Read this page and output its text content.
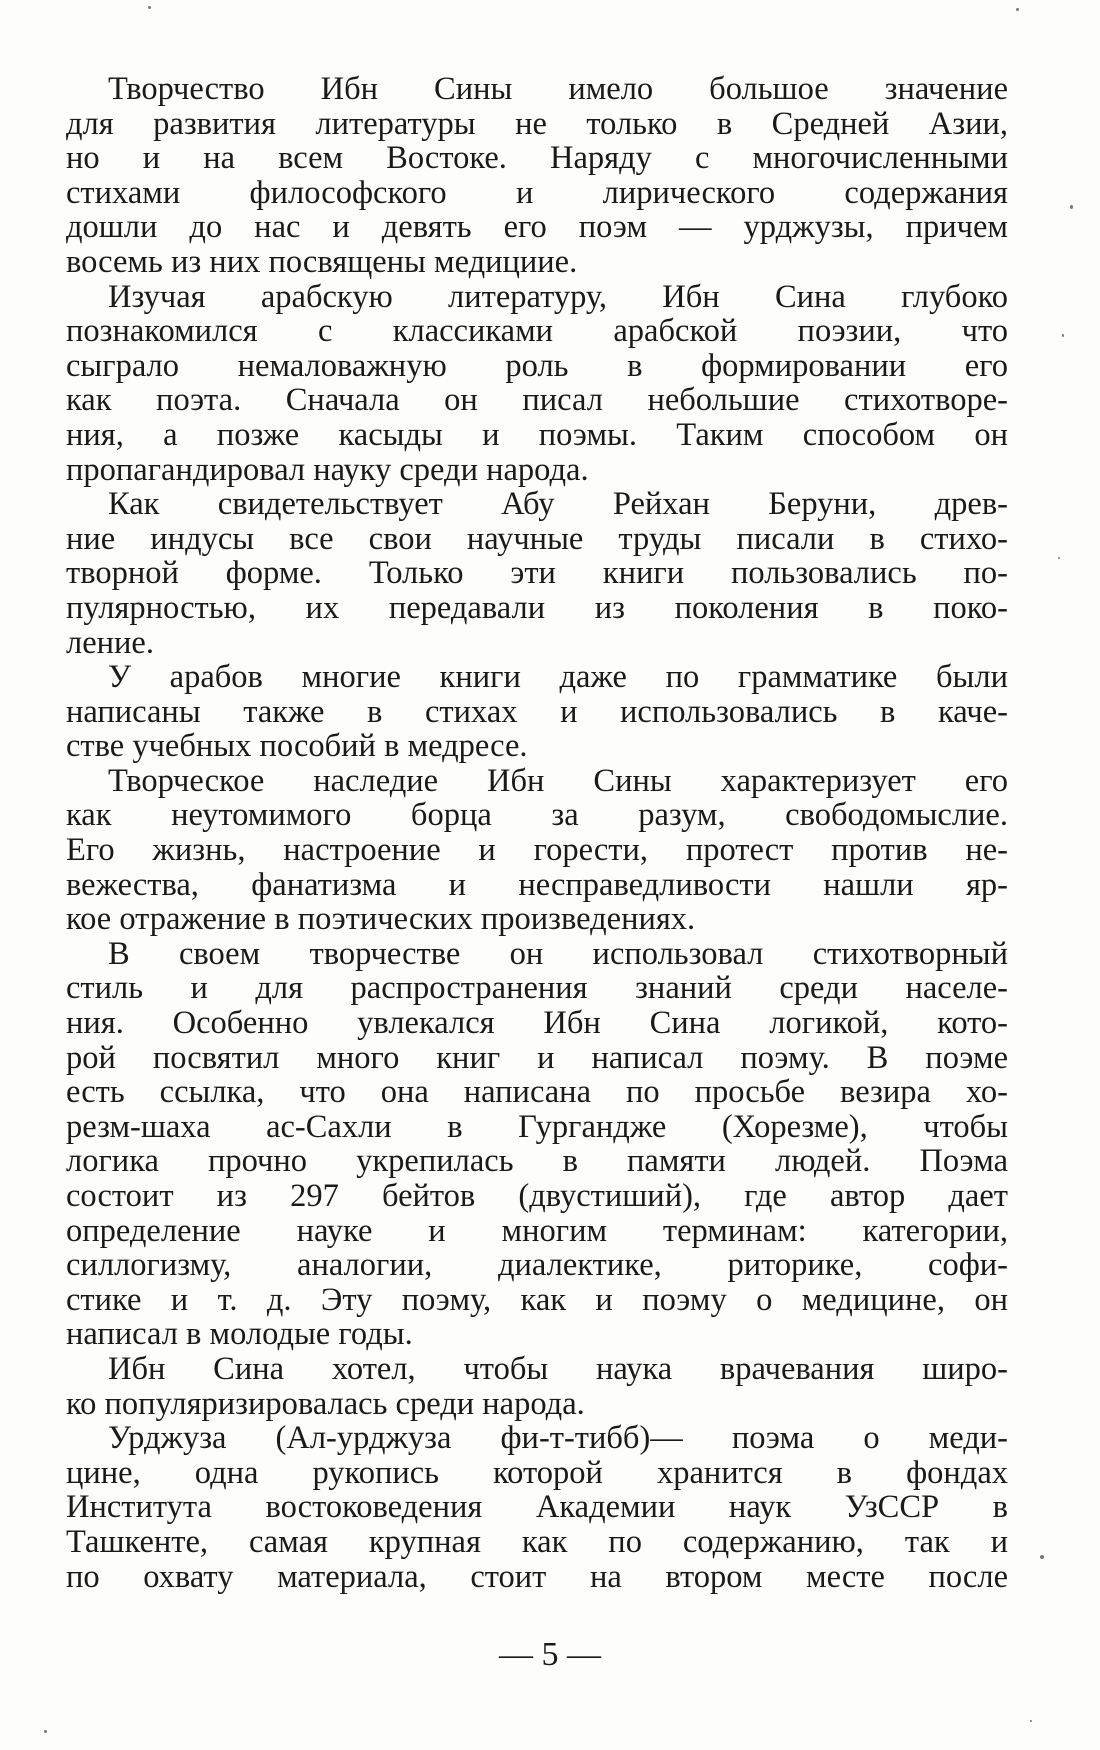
Творчество Ибн Сины имело большое значение
для развития литературы не только в Средней Азии,
но и на всем Востоке. Наряду с многочисленными
стихами философского и лирического содержания
дошли до нас и девять его поэм — урджузы, причем
восемь из них посвящены медициие.
Изучая арабскую литературу, Ибн Сина глубоко
познакомился с классиками арабской поэзии, что
сыграло немаловажную роль в формировании его
как поэта. Сначала он писал небольшие стихотворе-
ния, а позже касыды и поэмы. Таким способом он
пропагандировал науку среди народа.
Как свидетельствует Абу Рейхан Беруни, древ-
ние индусы все свои научные труды писали в стихо-
творной форме. Только эти книги пользовались по-
пулярностью, их передавали из поколения в поко-
ление.
У арабов многие книги даже по грамматике были
написаны также в стихах и использовались в каче-
стве учебных пособий в медресе.
Творческое наследие Ибн Сины характеризует его
как неутомимого борца за разум, свободомыслие.
Его жизнь, настроение и горести, протест против не-
вежества, фанатизма и несправедливости нашли яр-
кое отражение в поэтических произведениях.
В своем творчестве он использовал стихотворный
стиль и для распространения знаний среди населе-
ния. Особенно увлекался Ибн Сина логикой, кото-
рой посвятил много книг и написал поэму. В поэме
есть ссылка, что она написана по просьбе везира хо-
резм-шаха ас-Сахли в Гургандже (Хорезме), чтобы
логика прочно укрепилась в памяти людей. Поэма
состоит из 297 бейтов (двустиший), где автор дает
определение науке и многим терминам: категории,
силлогизму, аналогии, диалектике, риторике, софи-
стике и т. д. Эту поэму, как и поэму о медицине, он
написал в молодые годы.
Ибн Сина хотел, чтобы наука врачевания широ-
ко популяризировалась среди народа.
Урджуза (Ал-урджуза фи-т-тибб)— поэма о меди-
цине, одна рукопись которой хранится в фондах
Института востоковедения Академии наук УзССР в
Ташкенте, самая крупная как по содержанию, так и
по охвату материала, стоит на втором месте после
— 5 —
